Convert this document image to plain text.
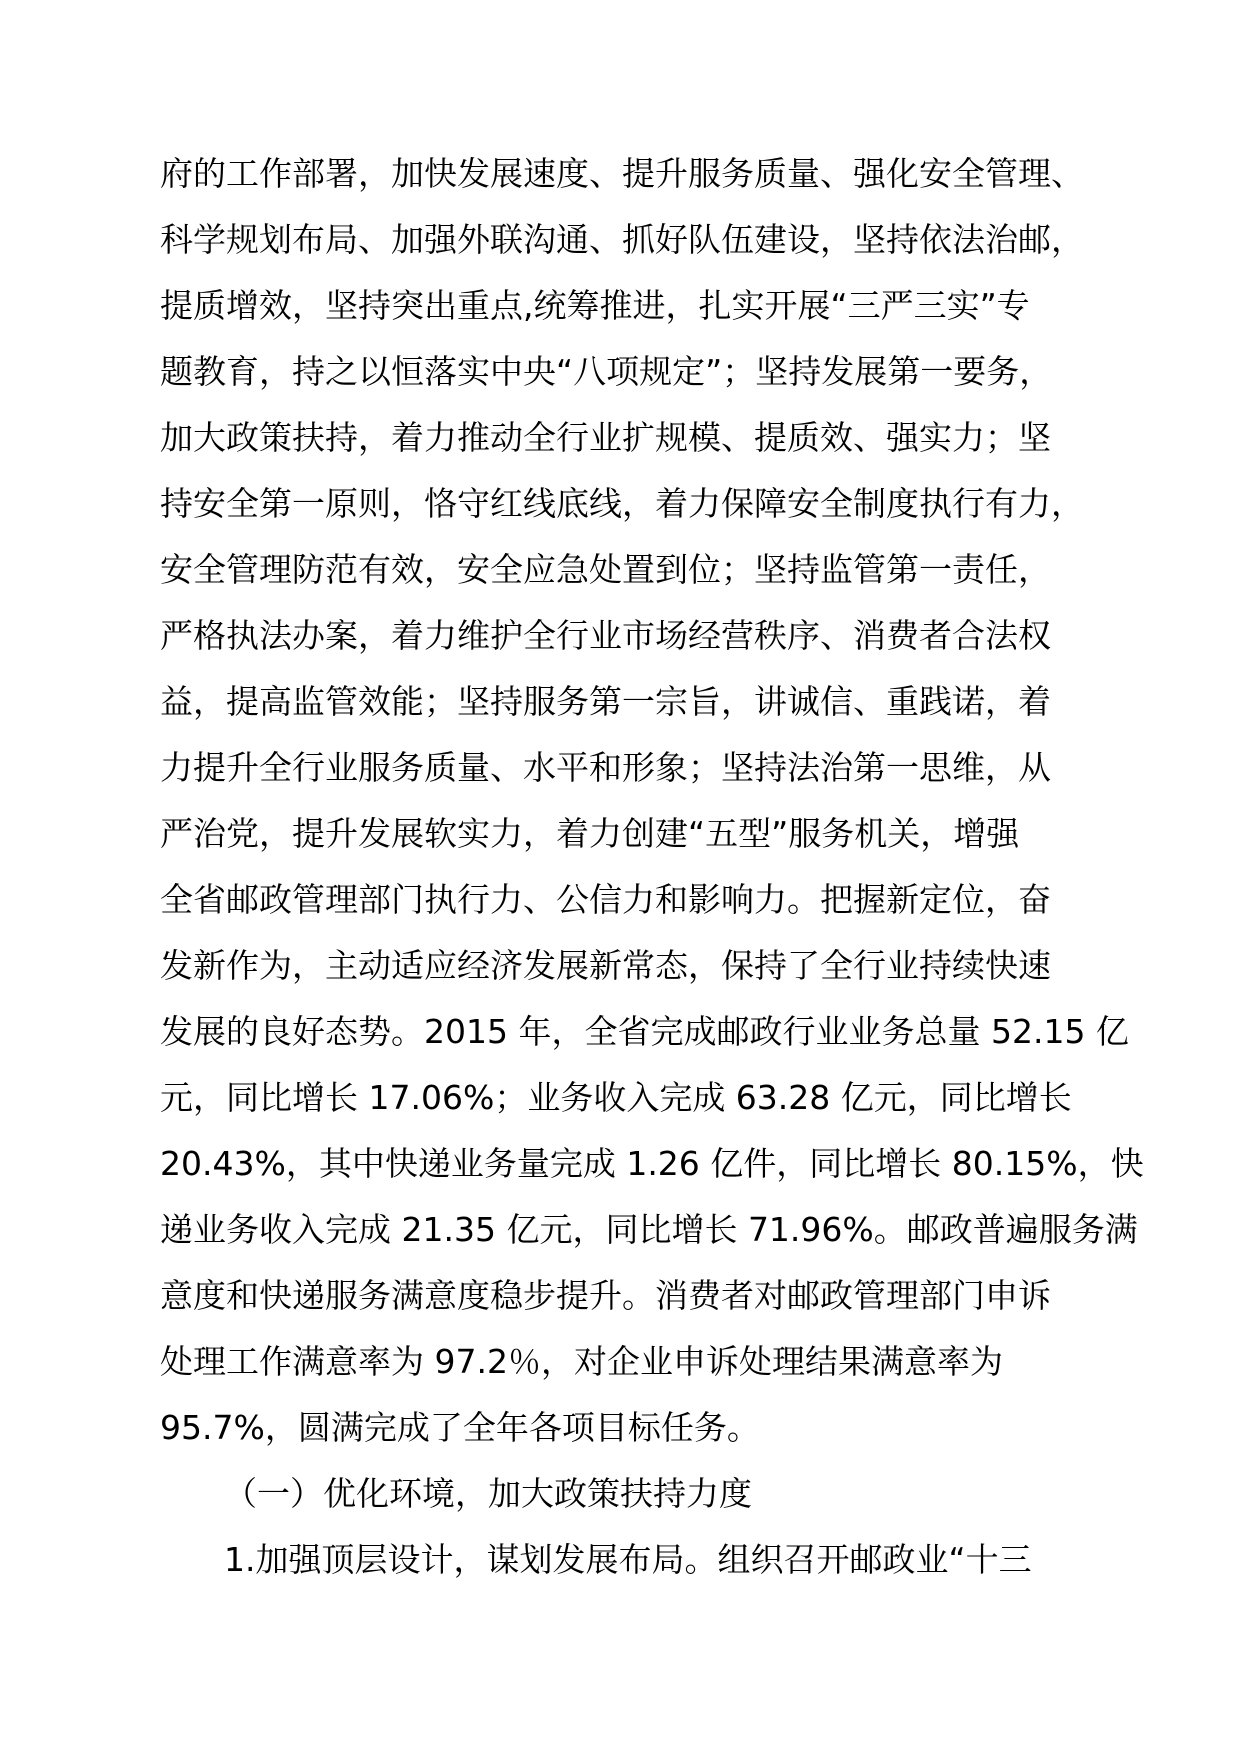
府的工作部署，加快发展速度、提升服务质量、强化安全管理、
科学规划布局、加强外联沟通、抓好队伍建设，坚持依法治邮，
提质增效，坚持突出重点,统筹推进，扎实开展“三严三实”专
题教育，持之以恒落实中央“八项规定”；坚持发展第一要务，
加大政策扶持，着力推动全行业扩规模、提质效、强实力；坚
持安全第一原则，恪守红线底线，着力保障安全制度执行有力，
安全管理防范有效，安全应急处置到位；坚持监管第一责任，
严格执法办案，着力维护全行业市场经营秩序、消费者合法权
益，提高监管效能；坚持服务第一宗旨，讲诚信、重践诺，着
力提升全行业服务质量、水平和形象；坚持法治第一思维，从
严治党，提升发展软实力，着力创建“五型”服务机关，增强
全省邮政管理部门执行力、公信力和影响力。把握新定位，奋
发新作为，主动适应经济发展新常态，保持了全行业持续快速
发展的良好态势。2015 年，全省完成邮政行业业务总量 52.15 亿
元，同比增长 17.06%；业务收入完成 63.28 亿元，同比增长
20.43%，其中快递业务量完成 1.26 亿件，同比增长 80.15%，快
递业务收入完成 21.35 亿元，同比增长 71.96%。邮政普遍服务满
意度和快递服务满意度稳步提升。消费者对邮政管理部门申诉
处理工作满意率为 97.2％，对企业申诉处理结果满意率为
95.7%，圆满完成了全年各项目标任务。
（一）优化环境，加大政策扶持力度
1.加强顶层设计，谋划发展布局。组织召开邮政业“十三
